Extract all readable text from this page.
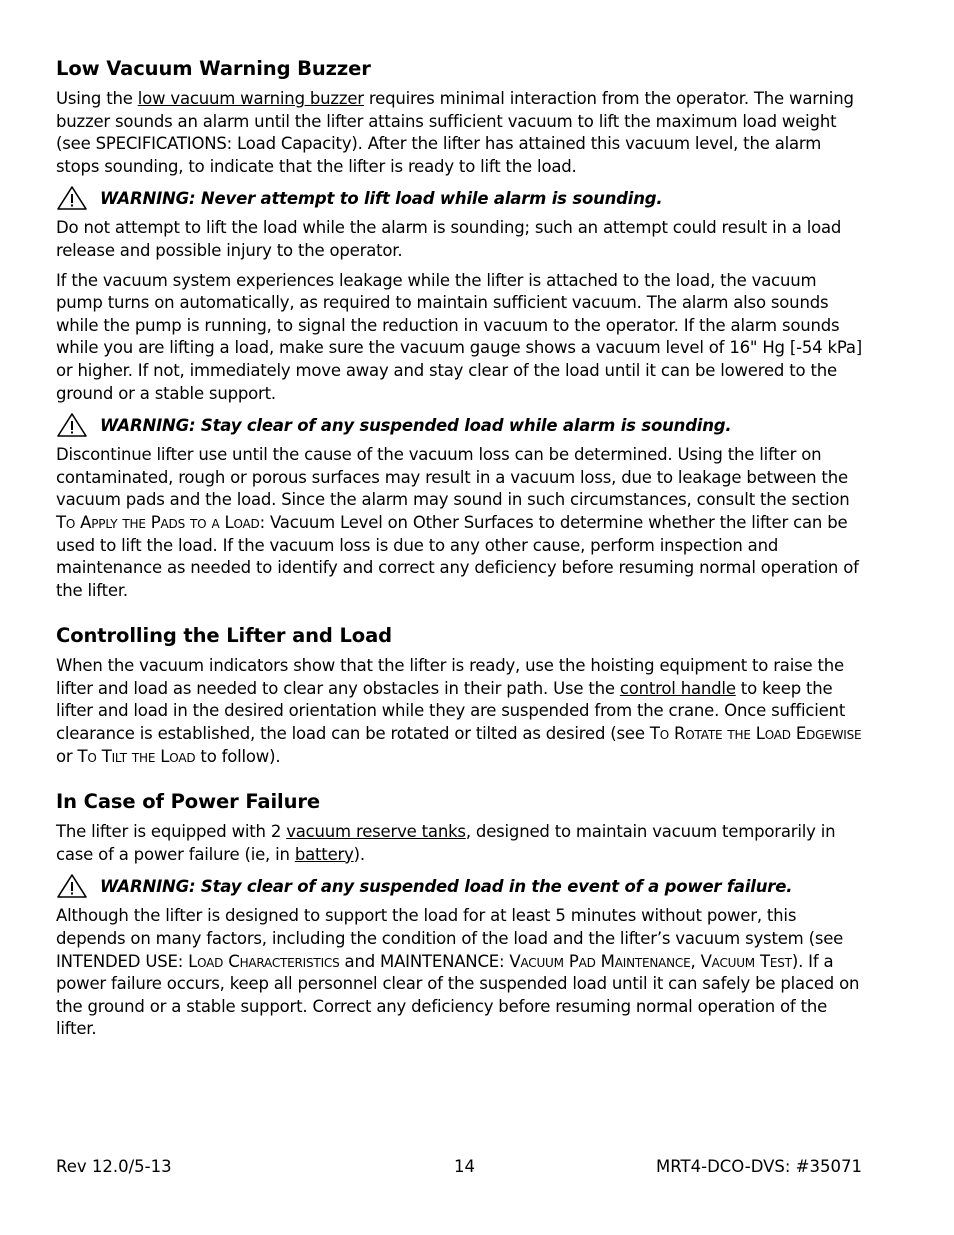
Low Vacuum Warning Buzzer

Using the low vacuum warning buzzer requires minimal interaction from the operator. The warning buzzer sounds an alarm until the lifter attains sufficient vacuum to lift the maximum load weight (see SPECIFICATIONS: Load Capacity). After the lifter has attained this vacuum level, the alarm stops sounding, to indicate that the lifter is ready to lift the load.

WARNING: Never attempt to lift load while alarm is sounding.

Do not attempt to lift the load while the alarm is sounding; such an attempt could result in a load release and possible injury to the operator.

If the vacuum system experiences leakage while the lifter is attached to the load, the vacuum pump turns on automatically, as required to maintain sufficient vacuum. The alarm also sounds while the pump is running, to signal the reduction in vacuum to the operator. If the alarm sounds while you are lifting a load, make sure the vacuum gauge shows a vacuum level of 16" Hg [-54 kPa] or higher. If not, immediately move away and stay clear of the load until it can be lowered to the ground or a stable support.

WARNING: Stay clear of any suspended load while alarm is sounding.

Discontinue lifter use until the cause of the vacuum loss can be determined. Using the lifter on contaminated, rough or porous surfaces may result in a vacuum loss, due to leakage between the vacuum pads and the load. Since the alarm may sound in such circumstances, consult the section To Apply the Pads to a Load: Vacuum Level on Other Surfaces to determine whether the lifter can be used to lift the load. If the vacuum loss is due to any other cause, perform inspection and maintenance as needed to identify and correct any deficiency before resuming normal operation of the lifter.

Controlling the Lifter and Load

When the vacuum indicators show that the lifter is ready, use the hoisting equipment to raise the lifter and load as needed to clear any obstacles in their path. Use the control handle to keep the lifter and load in the desired orientation while they are suspended from the crane. Once sufficient clearance is established, the load can be rotated or tilted as desired (see To Rotate the Load Edgewise or To Tilt the Load to follow).

In Case of Power Failure

The lifter is equipped with 2 vacuum reserve tanks, designed to maintain vacuum temporarily in case of a power failure (ie, in battery).

WARNING: Stay clear of any suspended load in the event of a power failure.

Although the lifter is designed to support the load for at least 5 minutes without power, this depends on many factors, including the condition of the load and the lifter’s vacuum system (see INTENDED USE: Load Characteristics and MAINTENANCE: Vacuum Pad Maintenance, Vacuum Test). If a power failure occurs, keep all personnel clear of the suspended load until it can safely be placed on the ground or a stable support. Correct any deficiency before resuming normal operation of the lifter.

Rev 12.0/5-13	14	MRT4-DCO-DVS: #35071
